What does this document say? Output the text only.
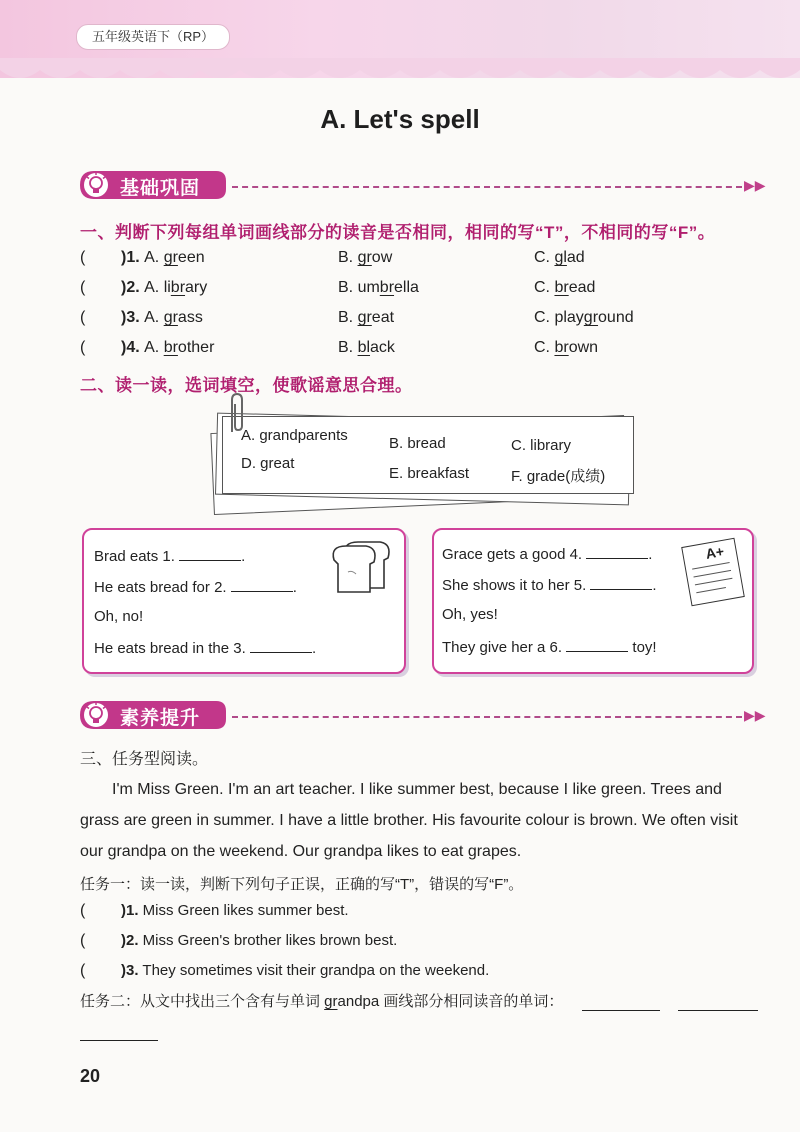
五年级英语下（RP）
A. Let's spell
基础巩固	▶▶
一、判断下列每组单词画线部分的读音是否相同，相同的写“T”，不相同的写“F”。
( )1. A. green	B. grow	C. glad
( )2. A. library	B. umbrella	C. bread
( )3. A. grass	B. great	C. playground
( )4. A. brother	B. black	C. brown
二、读一读，选词填空，使歌谣意思合理。
A. grandparents	B. bread	C. library
D. great
E. breakfast	F. grade(成绩)
Brad eats 1.	.
He eats bread for 2.	.
Oh, no!
He eats bread in the 3.	.
Grace gets a good 4.	.
She shows it to her 5.	.
Oh, yes!
They give her a 6.	toy!
A+
素养提升	▶▶
三、任务型阅读。
I'm Miss Green. I'm an art teacher. I like summer best, because I like green. Trees and grass are green in summer. I have a little brother. His favourite colour is brown. We often visit our grandpa on the weekend. Our grandpa likes to eat grapes.
任务一：读一读，判断下列句子正误，正确的写“T”，错误的写“F”。
( )1. Miss Green likes summer best.
( )2. Miss Green's brother likes brown best.
( )3. They sometimes visit their grandpa on the weekend.
任务二：从文中找出三个含有与单词 grandpa 画线部分相同读音的单词：
20
